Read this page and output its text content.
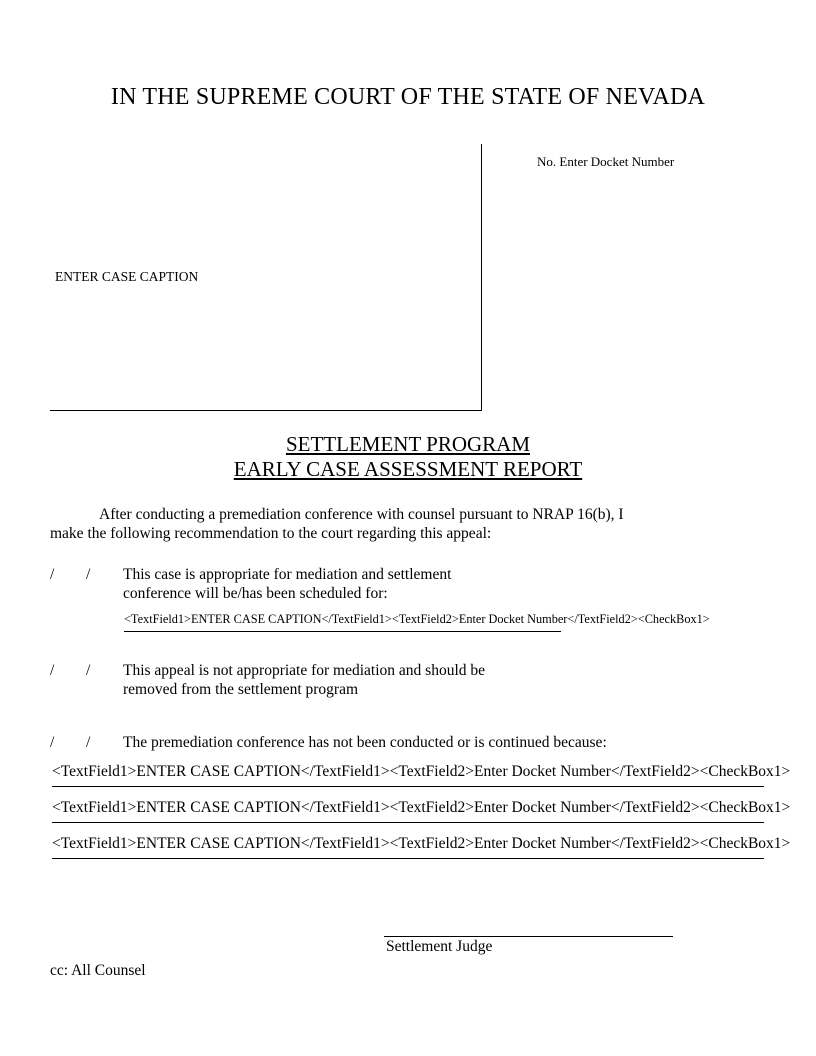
IN THE SUPREME COURT OF THE STATE OF NEVADA
No. Enter Docket Number
ENTER CASE CAPTION
SETTLEMENT PROGRAM
EARLY CASE ASSESSMENT REPORT
After conducting a premediation conference with counsel pursuant to NRAP 16(b), I
make the following recommendation to the court regarding this appeal:
/ / This case is appropriate for mediation and settlement
conference will be/has been scheduled for:
<TextField1>ENTER CASE CAPTION</TextField1><TextField2>Enter Docket Number</TextField2><CheckBox1>
/ / This appeal is not appropriate for mediation and should be
removed from the settlement program
/ / The premediation conference has not been conducted or is continued because:
<TextField1>ENTER CASE CAPTION</TextField1><TextField2>Enter Docket Number</TextField2><CheckBox1>
<TextField1>ENTER CASE CAPTION</TextField1><TextField2>Enter Docket Number</TextField2><CheckBox1>
<TextField1>ENTER CASE CAPTION</TextField1><TextField2>Enter Docket Number</TextField2><CheckBox1>
Settlement Judge
cc: All Counsel
